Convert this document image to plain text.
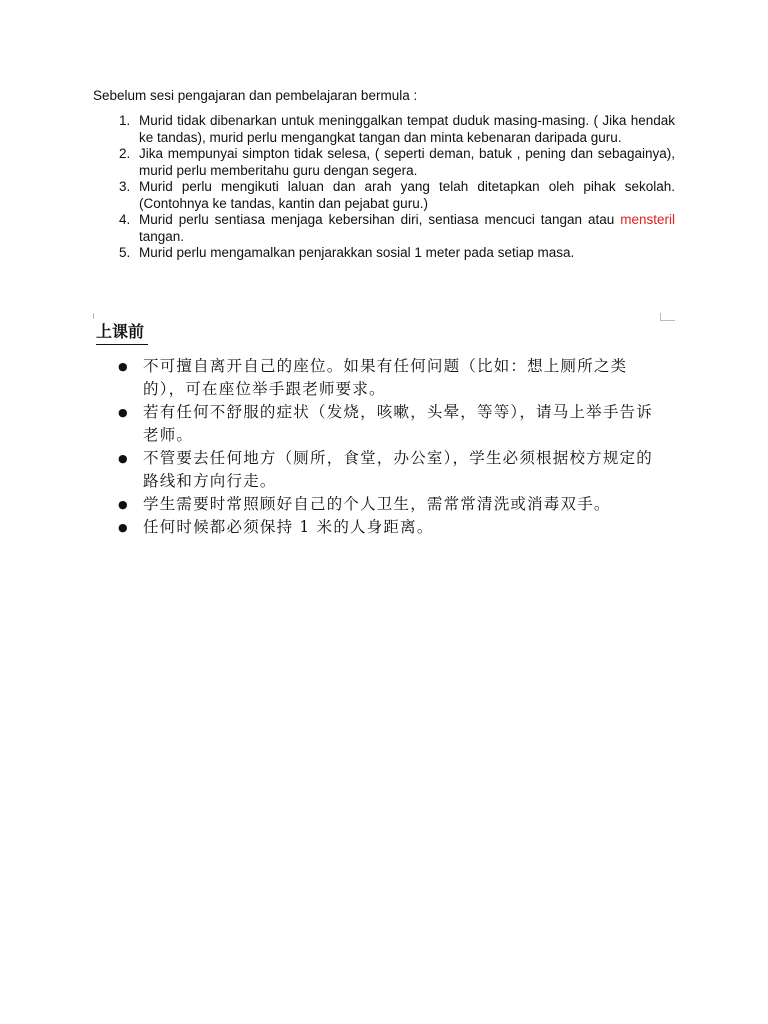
Sebelum sesi pengajaran dan pembelajaran bermula :

1. Murid tidak dibenarkan untuk meninggalkan tempat duduk masing-masing. ( Jika hendak ke tandas), murid perlu mengangkat tangan dan minta kebenaran daripada guru.
2. Jika mempunyai simpton tidak selesa, ( seperti deman, batuk , pening dan sebagainya), murid perlu memberitahu guru dengan segera.
3. Murid perlu mengikuti laluan dan arah yang telah ditetapkan oleh pihak sekolah. (Contohnya ke tandas, kantin dan pejabat guru.)
4. Murid perlu sentiasa menjaga kebersihan diri, sentiasa mencuci tangan atau mensteril tangan.
5. Murid perlu mengamalkan penjarakkan sosial 1 meter pada setiap masa.
上课前
● 不可擅自离开自己的座位。如果有任何问题（比如：想上厕所之类的），可在座位举手跟老师要求。
● 若有任何不舒服的症状（发烧，咳嗽，头晕，等等），请马上举手告诉老师。
● 不管要去任何地方（厕所，食堂，办公室），学生必须根据校方规定的路线和方向行走。
● 学生需要时常照顾好自己的个人卫生，需常常清洗或消毒双手。
● 任何时候都必须保持 1 米的人身距离。
